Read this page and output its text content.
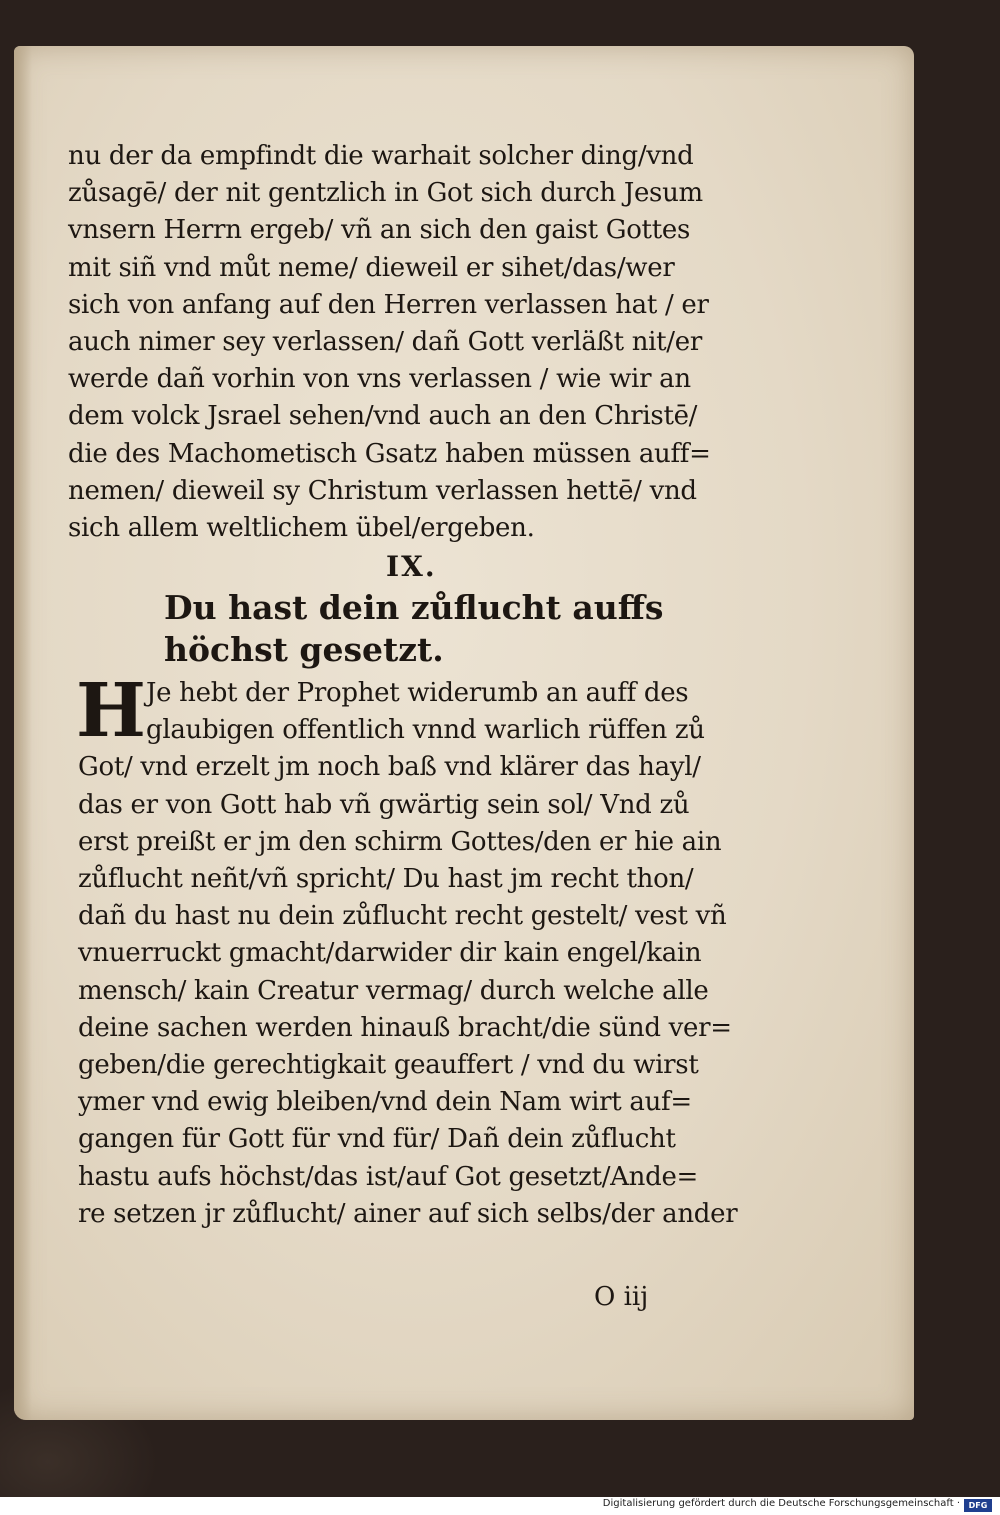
nu der da empfindt die warhait solcher ding/vnd
zůsagē/ der nit gentzlich in Got sich durch Jesum
vnsern Herrn ergeb/ vñ an sich den gaist Gottes
mit siñ vnd můt neme/ dieweil er sihet/das/wer
sich von anfang auf den Herren verlassen hat / er
auch nimer sey verlassen/ dañ Gott verläßt nit/er
werde dañ vorhin von vns verlassen / wie wir an
dem volck Jsrael sehen/vnd auch an den Christē/
die des Machometisch Gsatz haben müssen auff=
nemen/ dieweil sy Christum verlassen hettē/ vnd
sich allem weltlichem übel/ergeben.
IX.
Du hast dein zůflucht auffs
höchst gesetzt.
H Je hebt der Prophet widerumb an auff des
glaubigen offentlich vnnd warlich rüffen zů
Got/ vnd erzelt jm noch baß vnd klärer das hayl/
das er von Gott hab vñ gwärtig sein sol/ Vnd zů
erst preißt er jm den schirm Gottes/den er hie ain
zůflucht neñt/vñ spricht/ Du hast jm recht thon/
dañ du hast nu dein zůflucht recht gestelt/ vest vñ
vnuerruckt gmacht/darwider dir kain engel/kain
mensch/ kain Creatur vermag/ durch welche alle
deine sachen werden hinauß bracht/die sünd ver=
geben/die gerechtigkait geauffert / vnd du wirst
ymer vnd ewig bleiben/vnd dein Nam wirt auf=
gangen für Gott für vnd für/ Dañ dein zůflucht
hastu aufs höchst/das ist/auf Got gesetzt/Ande=
re setzen jr zůflucht/ ainer auf sich selbs/der ander
O iij
Digitalisierung gefördert durch die Deutsche Forschungsgemeinschaft ·	DFG
